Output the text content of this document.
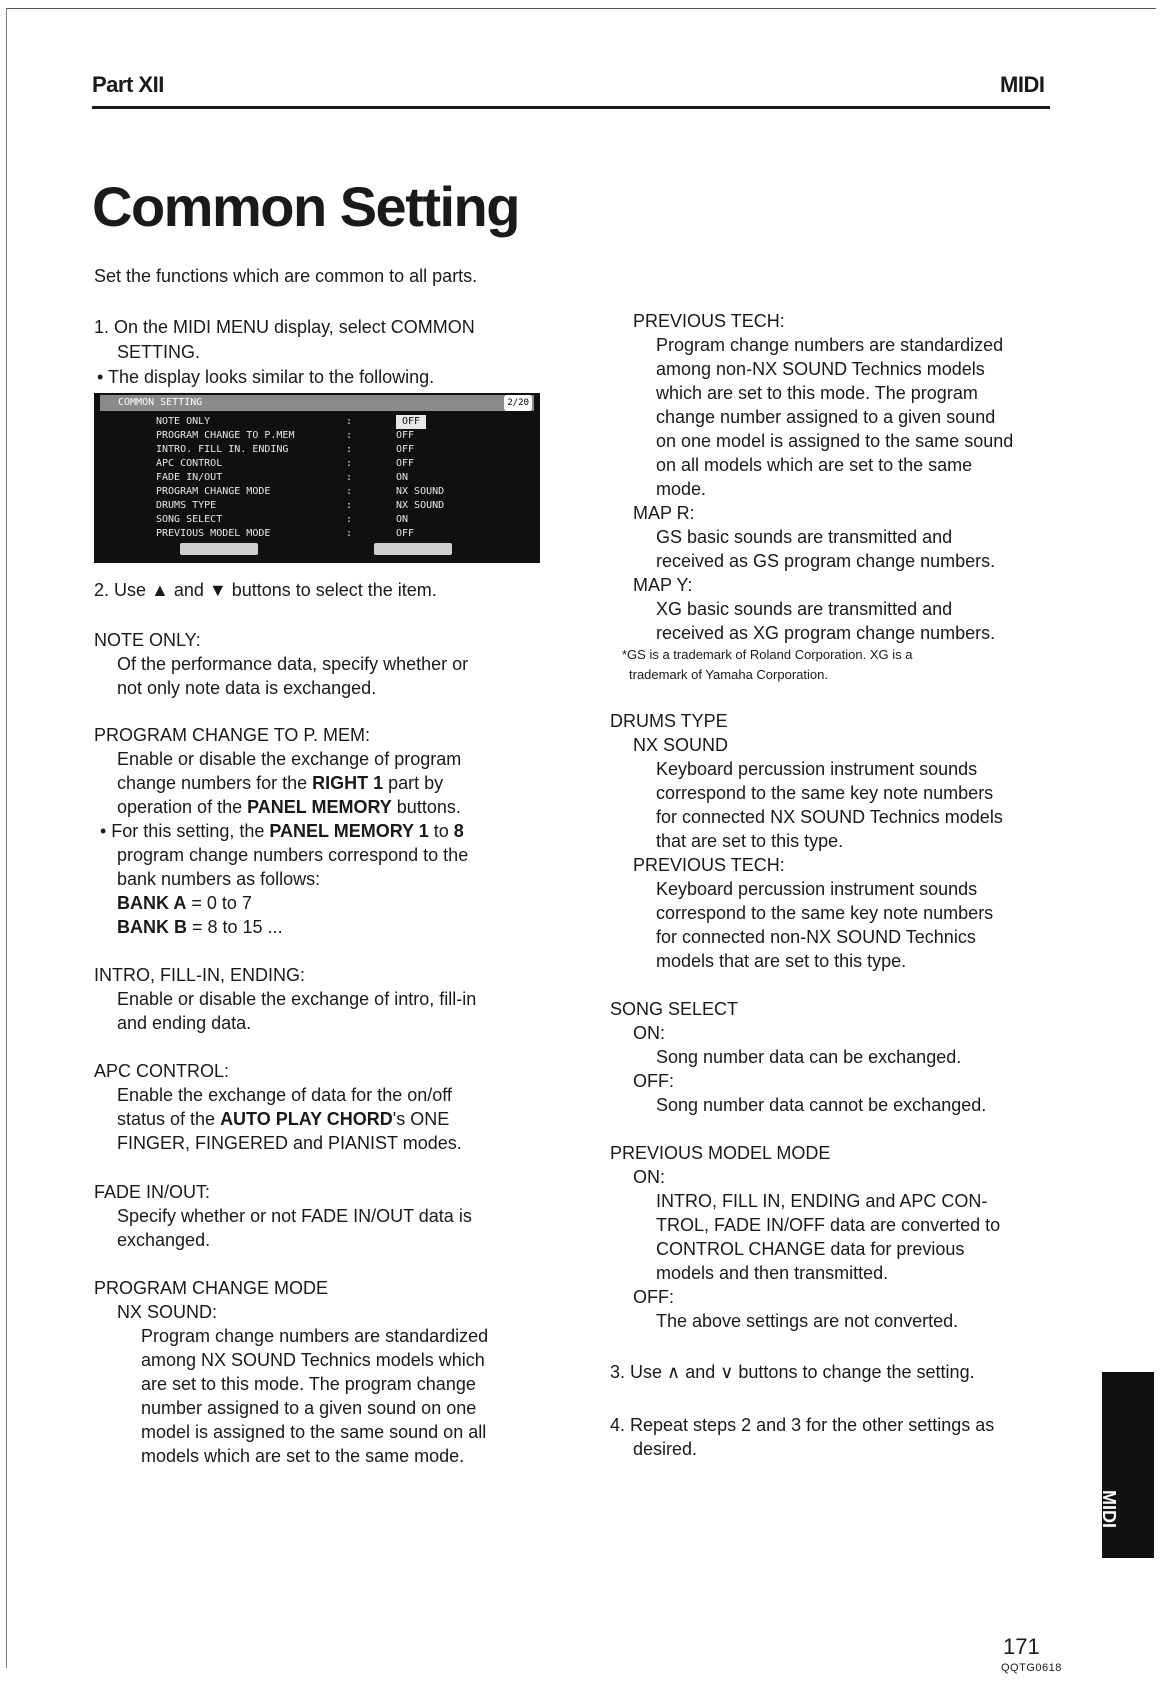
Part XII	MIDI
Common Setting

Set the functions which are common to all parts.

1. On the MIDI MENU display, select COMMON

SETTING.

• The display looks similar to the following.

COMMON SETTING	2/20
NOTE ONLY	:	OFF
PROGRAM CHANGE TO P.MEM	:	OFF
INTRO. FILL IN. ENDING	:	OFF
APC CONTROL	:	OFF
FADE IN/OUT	:	ON
PROGRAM CHANGE MODE	:	NX SOUND
DRUMS TYPE	:	NX SOUND
SONG SELECT	:	ON
PREVIOUS MODEL MODE	:	OFF

2. Use ▲ and ▼ buttons to select the item.

NOTE ONLY:

Of the performance data, specify whether or

not only note data is exchanged.

PROGRAM CHANGE TO P. MEM:

Enable or disable the exchange of program

change numbers for the RIGHT 1 part by

operation of the PANEL MEMORY buttons.

• For this setting, the PANEL MEMORY 1 to 8

program change numbers correspond to the

bank numbers as follows:

BANK A = 0 to 7

BANK B = 8 to 15 ...

INTRO, FILL-IN, ENDING:

Enable or disable the exchange of intro, fill-in

and ending data.

APC CONTROL:

Enable the exchange of data for the on/off

status of the AUTO PLAY CHORD's ONE

FINGER, FINGERED and PIANIST modes.

FADE IN/OUT:

Specify whether or not FADE IN/OUT data is

exchanged.

PROGRAM CHANGE MODE

NX SOUND:

Program change numbers are standardized

among NX SOUND Technics models which

are set to this mode. The program change

number assigned to a given sound on one

model is assigned to the same sound on all

models which are set to the same mode.

PREVIOUS TECH:

Program change numbers are standardized

among non-NX SOUND Technics models

which are set to this mode. The program

change number assigned to a given sound

on one model is assigned to the same sound

on all models which are set to the same

mode.

MAP R:

GS basic sounds are transmitted and

received as GS program change numbers.

MAP Y:

XG basic sounds are transmitted and

received as XG program change numbers.

*GS is a trademark of Roland Corporation. XG is a

trademark of Yamaha Corporation.

DRUMS TYPE

NX SOUND

Keyboard percussion instrument sounds

correspond to the same key note numbers

for connected NX SOUND Technics models

that are set to this type.

PREVIOUS TECH:

Keyboard percussion instrument sounds

correspond to the same key note numbers

for connected non-NX SOUND Technics

models that are set to this type.

SONG SELECT

ON:

Song number data can be exchanged.

OFF:

Song number data cannot be exchanged.

PREVIOUS MODEL MODE

ON:

INTRO, FILL IN, ENDING and APC CON-

TROL, FADE IN/OFF data are converted to

CONTROL CHANGE data for previous

models and then transmitted.

OFF:

The above settings are not converted.

3. Use ∧ and ∨ buttons to change the setting.

4. Repeat steps 2 and 3 for the other settings as

desired.

MIDI
171
QQTG0618
